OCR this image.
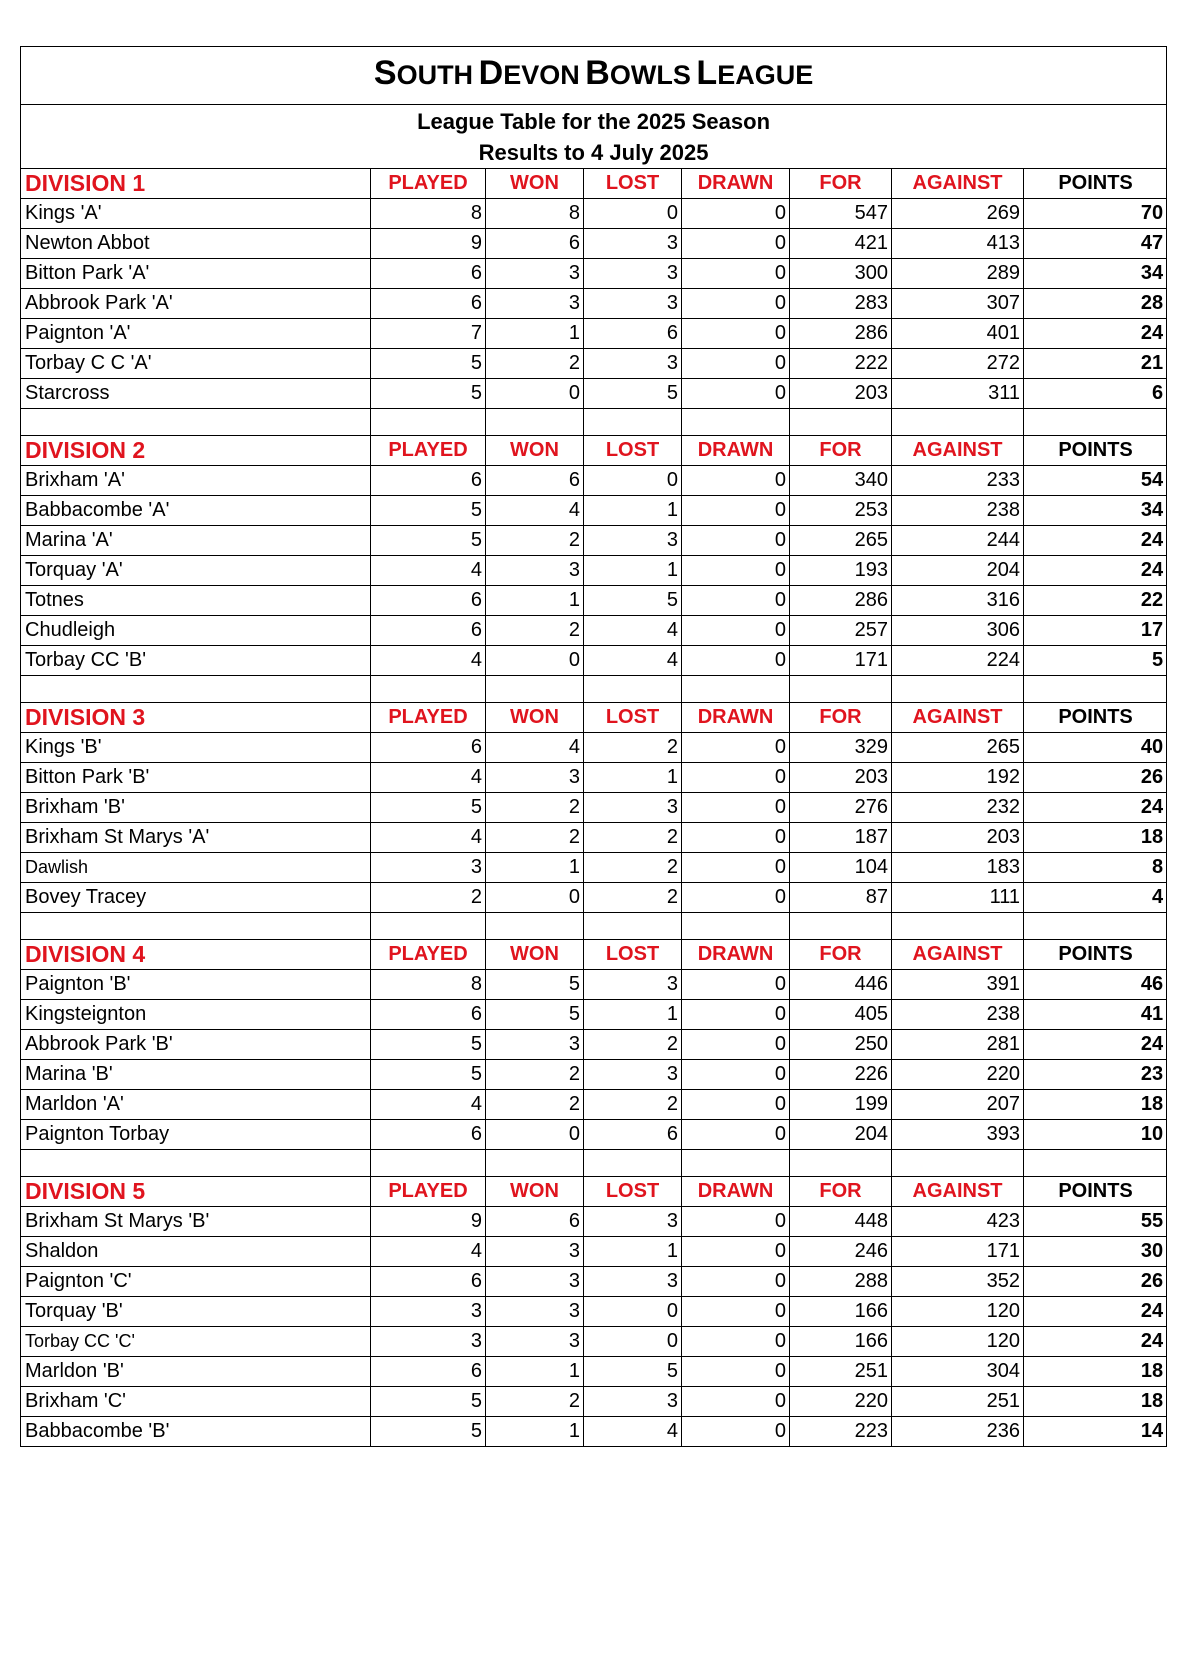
SOUTH DEVON BOWLS LEAGUE							
League Table for the 2025 Season							
Results to 4 July 2025							
DIVISION 1	PLAYED	WON	LOST	DRAWN	FOR	AGAINST	POINTS
Kings 'A'	8	8	0	0	547	269	70
Newton Abbot	9	6	3	0	421	413	47
Bitton Park 'A'	6	3	3	0	300	289	34
Abbrook Park 'A'	6	3	3	0	283	307	28
Paignton 'A'	7	1	6	0	286	401	24
Torbay C C 'A'	5	2	3	0	222	272	21
Starcross	5	0	5	0	203	311	6

DIVISION 2	PLAYED	WON	LOST	DRAWN	FOR	AGAINST	POINTS
Brixham 'A'	6	6	0	0	340	233	54
Babbacombe 'A'	5	4	1	0	253	238	34
Marina 'A'	5	2	3	0	265	244	24
Torquay 'A'	4	3	1	0	193	204	24
Totnes	6	1	5	0	286	316	22
Chudleigh	6	2	4	0	257	306	17
Torbay CC 'B'	4	0	4	0	171	224	5

DIVISION 3	PLAYED	WON	LOST	DRAWN	FOR	AGAINST	POINTS
Kings 'B'	6	4	2	0	329	265	40
Bitton Park 'B'	4	3	1	0	203	192	26
Brixham 'B'	5	2	3	0	276	232	24
Brixham St Marys 'A'	4	2	2	0	187	203	18
Dawlish	3	1	2	0	104	183	8
Bovey Tracey	2	0	2	0	87	111	4

DIVISION 4	PLAYED	WON	LOST	DRAWN	FOR	AGAINST	POINTS
Paignton 'B'	8	5	3	0	446	391	46
Kingsteignton	6	5	1	0	405	238	41
Abbrook Park 'B'	5	3	2	0	250	281	24
Marina 'B'	5	2	3	0	226	220	23
Marldon 'A'	4	2	2	0	199	207	18
Paignton Torbay	6	0	6	0	204	393	10

DIVISION 5	PLAYED	WON	LOST	DRAWN	FOR	AGAINST	POINTS
Brixham St Marys 'B'	9	6	3	0	448	423	55
Shaldon	4	3	1	0	246	171	30
Paignton 'C'	6	3	3	0	288	352	26
Torquay 'B'	3	3	0	0	166	120	24
Torbay CC 'C'	3	3	0	0	166	120	24
Marldon 'B'	6	1	5	0	251	304	18
Brixham 'C'	5	2	3	0	220	251	18
Babbacombe 'B'	5	1	4	0	223	236	14
